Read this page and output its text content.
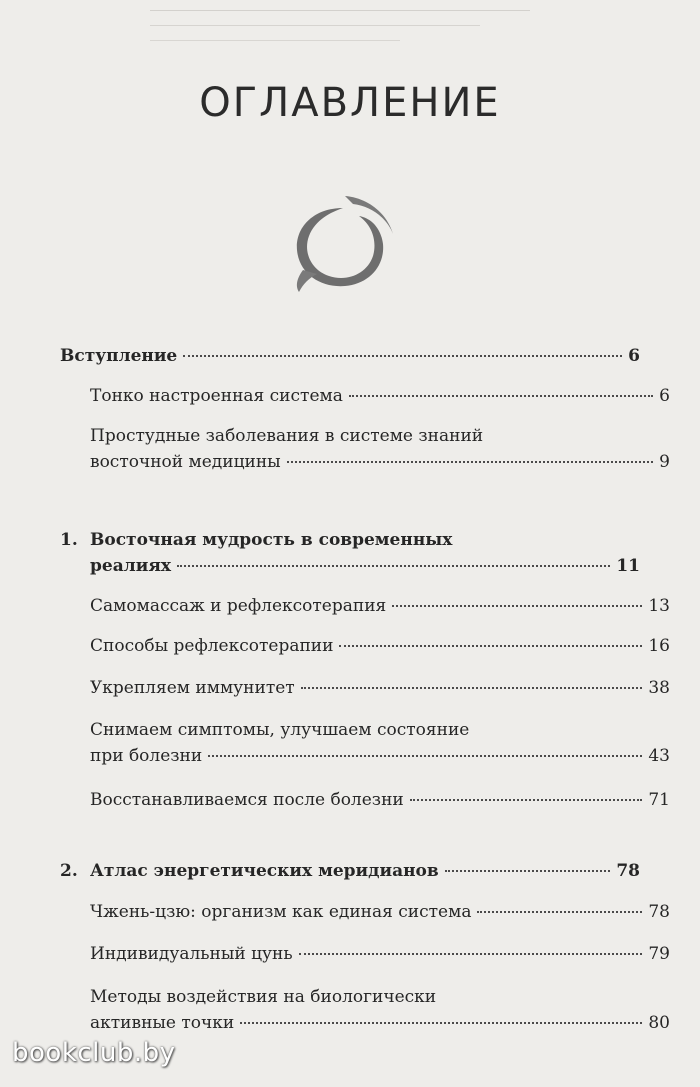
ОГЛАВЛЕНИЕ
Вступление	6
Тонко настроенная система	6
Простудные заболевания в системе знаний
восточной медицины	9
1. Восточная мудрость в современных
реалиях	11
Самомассаж и рефлексотерапия	13
Способы рефлексотерапии	16
Укрепляем иммунитет	38
Снимаем симптомы, улучшаем состояние
при болезни	43
Восстанавливаемся после болезни	71
2. Атлас энергетических меридианов	78
Чжень-цзю: организм как единая система	78
Индивидуальный цунь	79
Методы воздействия на биологически
активные точки	80
bookclub.by
